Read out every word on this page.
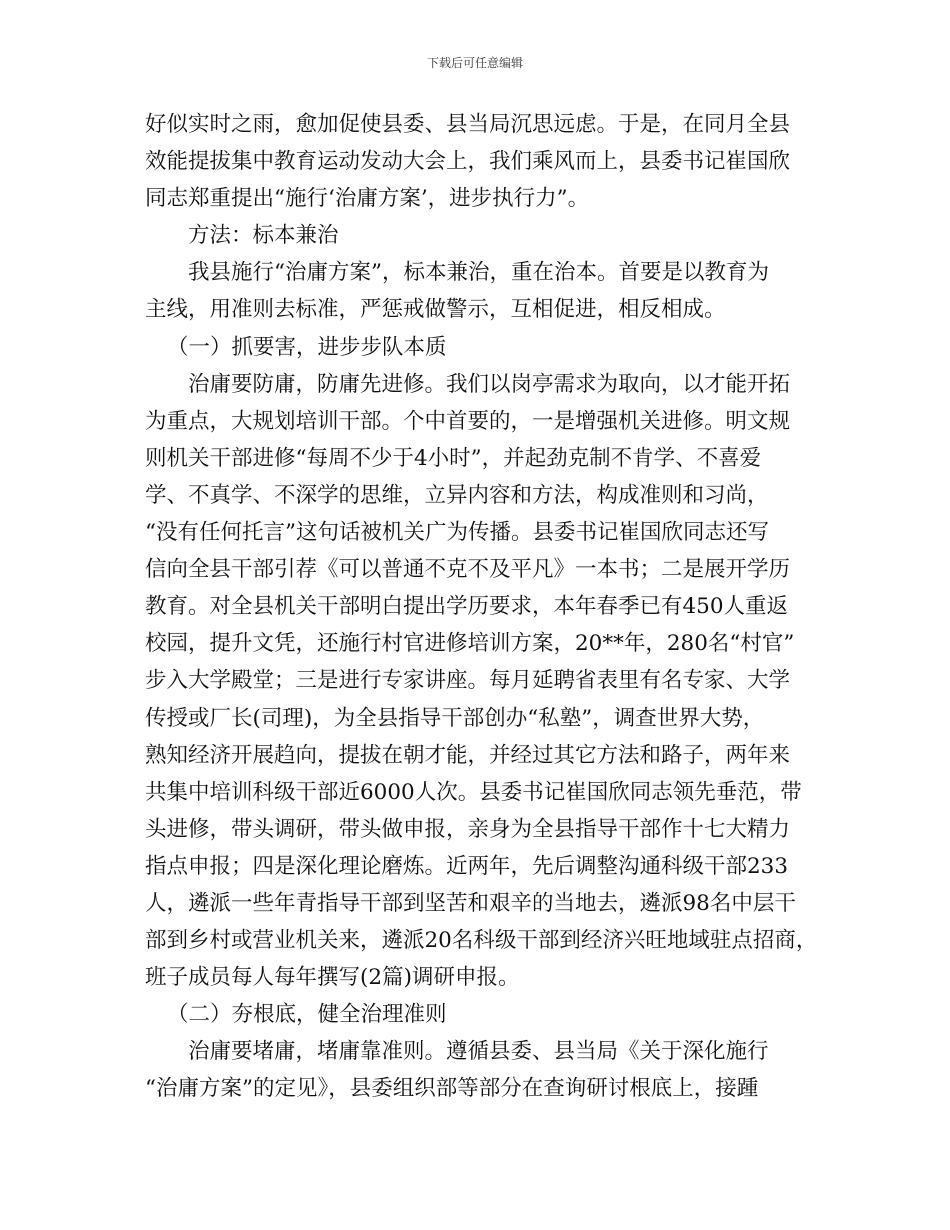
下载后可任意编辑
好似实时之雨，愈加促使县委、县当局沉思远虑。于是，在同月全县
效能提拔集中教育运动发动大会上，我们乘风而上，县委书记崔国欣
同志郑重提出“施行‘治庸方案’，进步执行力”。
方法：标本兼治
我县施行“治庸方案”，标本兼治，重在治本。首要是以教育为
主线，用准则去标准，严惩戒做警示，互相促进，相反相成。
（一）抓要害，进步步队本质
治庸要防庸，防庸先进修。我们以岗亭需求为取向，以才能开拓
为重点，大规划培训干部。个中首要的，一是增强机关进修。明文规
则机关干部进修“每周不少于4小时”，并起劲克制不肯学、不喜爱
学、不真学、不深学的思维，立异内容和方法，构成准则和习尚，
“没有任何托言”这句话被机关广为传播。县委书记崔国欣同志还写
信向全县干部引荐《可以普通不克不及平凡》一本书；二是展开学历
教育。对全县机关干部明白提出学历要求，本年春季已有450人重返
校园，提升文凭，还施行村官进修培训方案，20**年，280名“村官”
步入大学殿堂；三是进行专家讲座。每月延聘省表里有名专家、大学
传授或厂长(司理)，为全县指导干部创办“私塾”，调查世界大势，
熟知经济开展趋向，提拔在朝才能，并经过其它方法和路子，两年来
共集中培训科级干部近6000人次。县委书记崔国欣同志领先垂范，带
头进修，带头调研，带头做申报，亲身为全县指导干部作十七大精力
指点申报；四是深化理论磨炼。近两年，先后调整沟通科级干部233
人，遴派一些年青指导干部到坚苦和艰辛的当地去，遴派98名中层干
部到乡村或营业机关来，遴派20名科级干部到经济兴旺地域驻点招商，
班子成员每人每年撰写(2篇)调研申报。
（二）夯根底，健全治理准则
治庸要堵庸，堵庸靠准则。遵循县委、县当局《关于深化施行
“治庸方案”的定见》，县委组织部等部分在查询研讨根底上，接踵
